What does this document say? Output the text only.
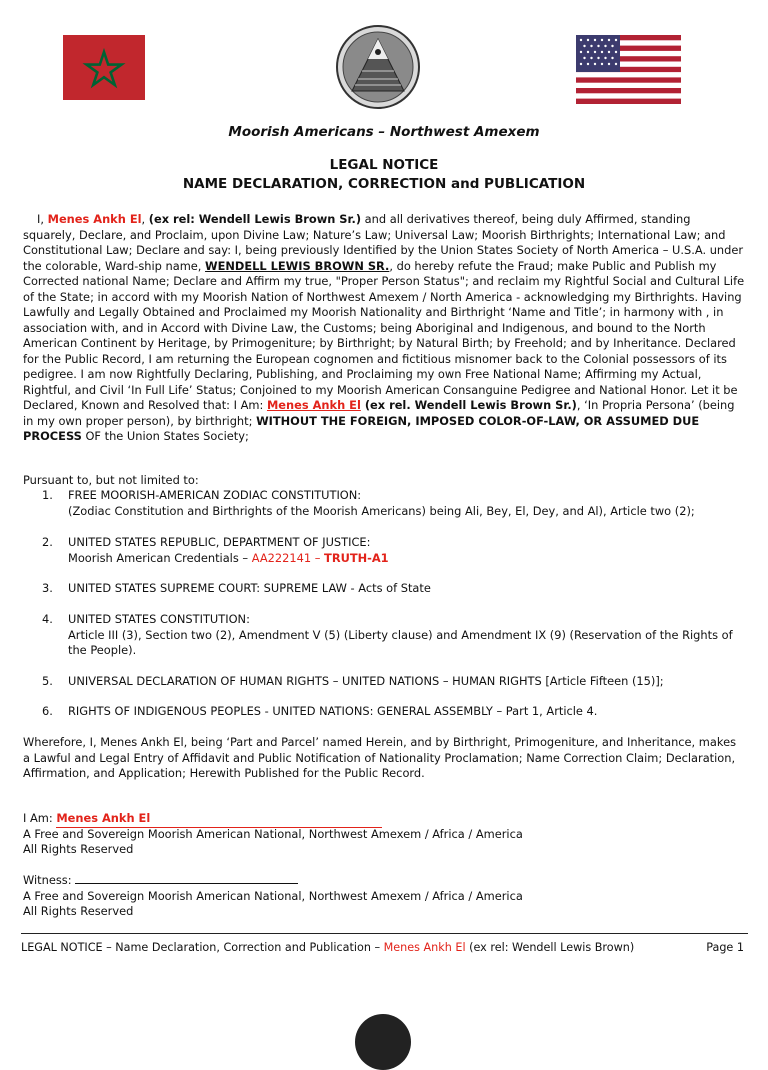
Moorish Americans – Northwest Amexem
LEGAL NOTICE
NAME DECLARATION, CORRECTION and PUBLICATION
I, Menes Ankh El, (ex rel: Wendell Lewis Brown Sr.) and all derivatives thereof, being duly Affirmed, standing squarely, Declare, and Proclaim, upon Divine Law; Nature’s Law; Universal Law; Moorish Birthrights; International Law; and Constitutional Law; Declare and say: I, being previously Identified by the Union States Society of North America – U.S.A. under the colorable, Ward-ship name, WENDELL LEWIS BROWN SR., do hereby refute the Fraud; make Public and Publish my Corrected national Name; Declare and Affirm my true, "Proper Person Status"; and reclaim my Rightful Social and Cultural Life of the State; in accord with my Moorish Nation of Northwest Amexem / North America - acknowledging my Birthrights. Having Lawfully and Legally Obtained and Proclaimed my Moorish Nationality and Birthright ‘Name and Title’; in harmony with , in association with, and in Accord with Divine Law, the Customs; being Aboriginal and Indigenous, and bound to the North American Continent by Heritage, by Primogeniture; by Birthright; by Natural Birth; by Freehold; and by Inheritance. Declared for the Public Record, I am returning the European cognomen and fictitious misnomer back to the Colonial possessors of its pedigree. I am now Rightfully Declaring, Publishing, and Proclaiming my own Free National Name; Affirming my Actual, Rightful, and Civil ‘In Full Life’ Status; Conjoined to my Moorish American Consanguine Pedigree and National Honor. Let it be Declared, Known and Resolved that: I Am: Menes Ankh El (ex rel. Wendell Lewis Brown Sr.), ‘In Propria Persona’ (being in my own proper person), by birthright; WITHOUT THE FOREIGN, IMPOSED COLOR-OF-LAW, OR ASSUMED DUE PROCESS OF the Union States Society;
Pursuant to, but not limited to:
1. FREE MOORISH-AMERICAN ZODIAC CONSTITUTION:
(Zodiac Constitution and Birthrights of the Moorish Americans) being Ali, Bey, El, Dey, and Al), Article two (2);
2. UNITED STATES REPUBLIC, DEPARTMENT OF JUSTICE:
Moorish American Credentials – AA222141 – TRUTH-A1
3. UNITED STATES SUPREME COURT: SUPREME LAW - Acts of State
4. UNITED STATES CONSTITUTION:
Article III (3), Section two (2), Amendment V (5) (Liberty clause) and Amendment IX (9) (Reservation of the Rights of the People).
5. UNIVERSAL DECLARATION OF HUMAN RIGHTS – UNITED NATIONS – HUMAN RIGHTS [Article Fifteen (15)];
6. RIGHTS OF INDIGENOUS PEOPLES - UNITED NATIONS: GENERAL ASSEMBLY – Part 1, Article 4.
Wherefore, I, Menes Ankh El, being ‘Part and Parcel’ named Herein, and by Birthright, Primogeniture, and Inheritance, makes a Lawful and Legal Entry of Affidavit and Public Notification of Nationality Proclamation; Name Correction Claim; Declaration, Affirmation, and Application; Herewith Published for the Public Record.
I Am: Menes Ankh El
A Free and Sovereign Moorish American National, Northwest Amexem / Africa / America
All Rights Reserved
Witness:
A Free and Sovereign Moorish American National, Northwest Amexem / Africa / America
All Rights Reserved
LEGAL NOTICE – Name Declaration, Correction and Publication – Menes Ankh El (ex rel: Wendell Lewis Brown)	Page 1
